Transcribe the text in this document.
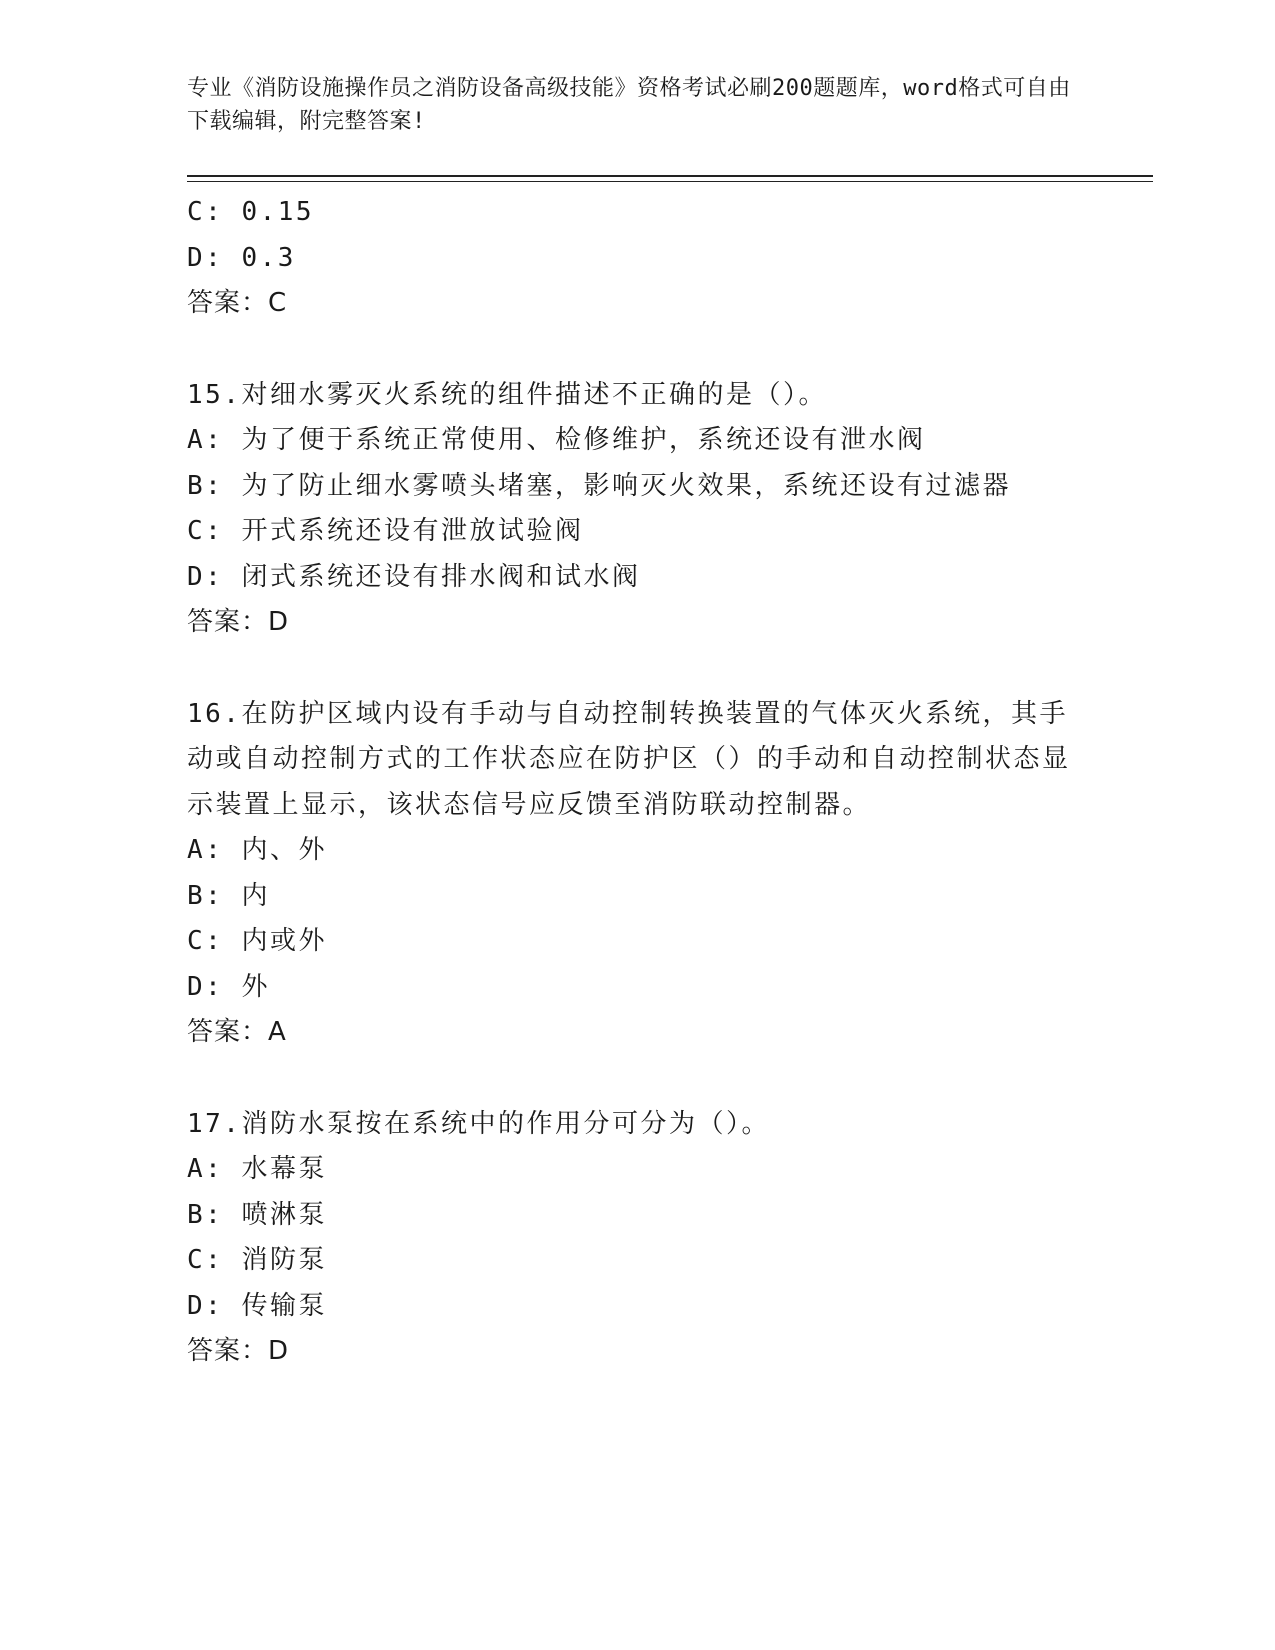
专业《消防设施操作员之消防设备高级技能》资格考试必刷200题题库，word格式可自由下载编辑，附完整答案!
C: 0.15
D: 0.3
答案：C
15.对细水雾灭火系统的组件描述不正确的是（）。
A: 为了便于系统正常使用、检修维护，系统还设有泄水阀
B: 为了防止细水雾喷头堵塞，影响灭火效果，系统还设有过滤器
C: 开式系统还设有泄放试验阀
D: 闭式系统还设有排水阀和试水阀
答案：D
16.在防护区域内设有手动与自动控制转换装置的气体灭火系统，其手动或自动控制方式的工作状态应在防护区（）的手动和自动控制状态显示装置上显示，该状态信号应反馈至消防联动控制器。
A: 内、外
B: 内
C: 内或外
D: 外
答案：A
17.消防水泵按在系统中的作用分可分为（）。
A: 水幕泵
B: 喷淋泵
C: 消防泵
D: 传输泵
答案：D
